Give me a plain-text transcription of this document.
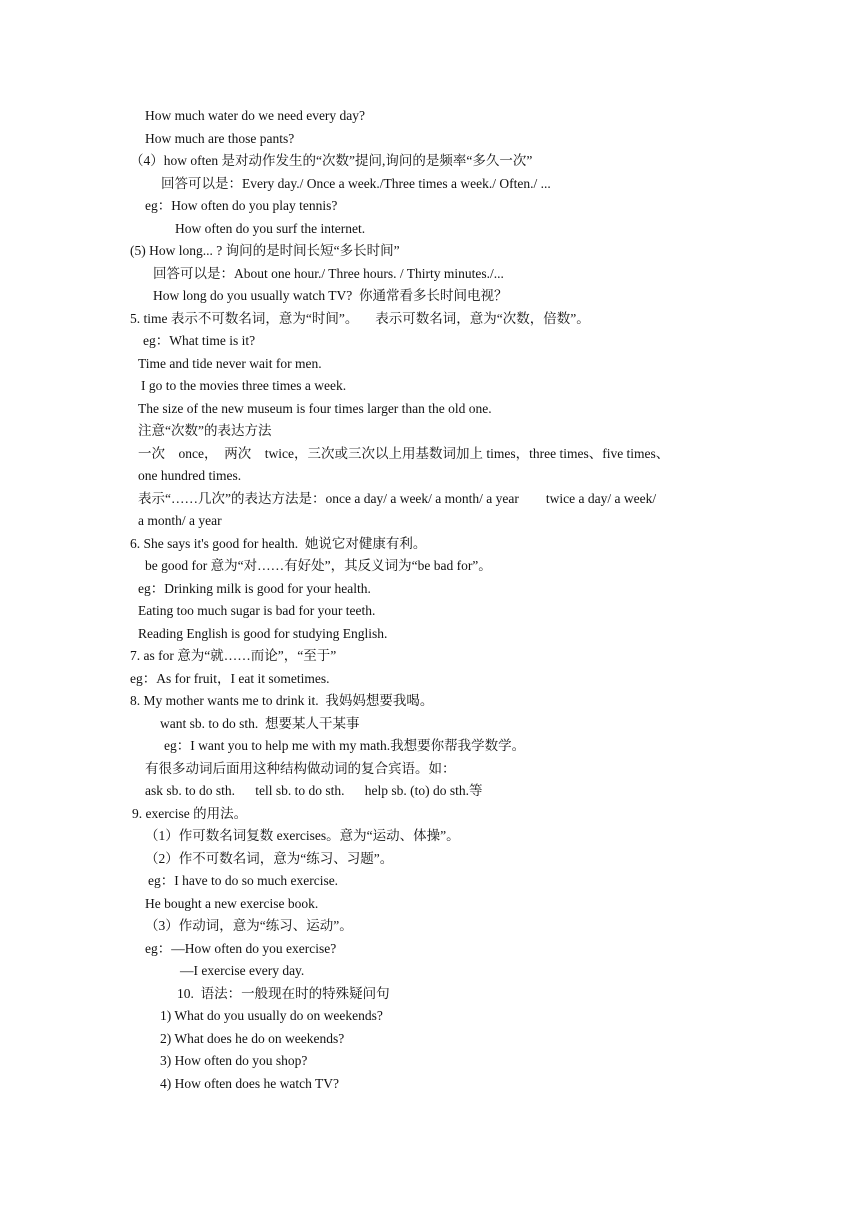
How much water do we need every day?
How much are those pants?
（4）how often 是对动作发生的“次数”提问,询问的是频率“多久一次”
回答可以是：Every day./ Once a week./Three times a week./ Often./ ...
eg：How often do you play tennis?
How often do you surf the internet.
(5) How long... ? 询问的是时间长短“多长时间”
回答可以是：About one hour./ Three hours. / Thirty minutes./...
How long do you usually watch TV?  你通常看多长时间电视？
5. time 表示不可数名词，意为“时间”。     表示可数名词，意为“次数，倍数”。
eg：What time is it?
Time and tide never wait for men.
I go to the movies three times a week.
The size of the new museum is four times larger than the old one.
注意“次数”的表达方法
一次    once，  两次    twice，三次或三次以上用基数词加上 times，three times、five times、
one hundred times.
表示“……几次”的表达方法是：once a day/ a week/ a month/ a year        twice a day/ a week/
a month/ a year
6. She says it's good for health.  她说它对健康有利。
be good for 意为“对……有好处”，其反义词为“be bad for”。
eg：Drinking milk is good for your health.
Eating too much sugar is bad for your teeth.
Reading English is good for studying English.
7. as for 意为“就……而论”，“至于”
eg：As for fruit，I eat it sometimes.
8. My mother wants me to drink it.  我妈妈想要我喝。
want sb. to do sth.  想要某人干某事
eg：I want you to help me with my math.我想要你帮我学数学。
有很多动词后面用这种结构做动词的复合宾语。如：
ask sb. to do sth.      tell sb. to do sth.      help sb. (to) do sth.等
9. exercise 的用法。
（1）作可数名词复数 exercises。意为“运动、体操”。
（2）作不可数名词，意为“练习、习题”。
eg：I have to do so much exercise.
He bought a new exercise book.
（3）作动词，意为“练习、运动”。
eg：—How often do you exercise?
—I exercise every day.
10.  语法：一般现在时的特殊疑问句
1) What do you usually do on weekends?
2) What does he do on weekends?
3) How often do you shop?
4) How often does he watch TV?
